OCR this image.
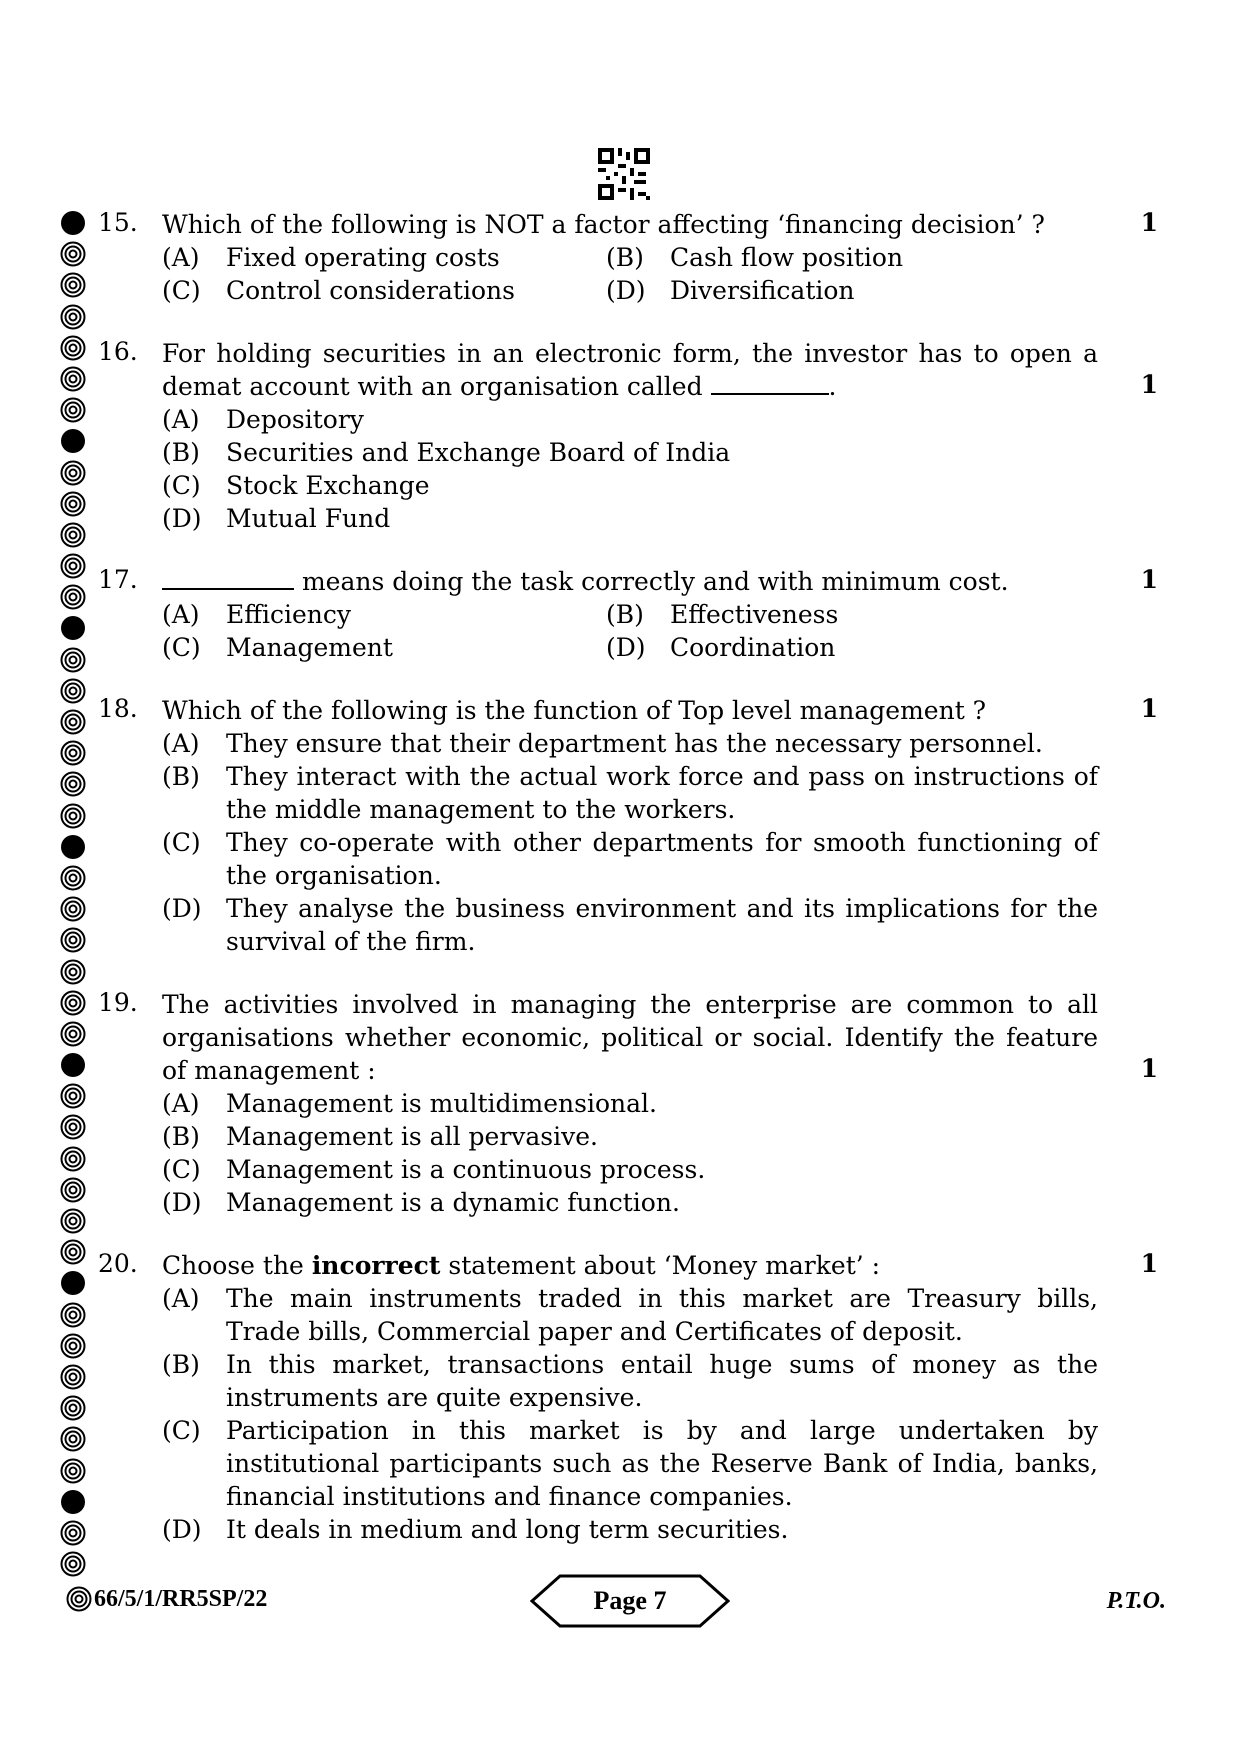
15.	1
Which of the following is NOT a factor affecting ‘financing decision’ ?
(A) Fixed operating costs	(B) Cash flow position
(C) Control considerations	(D) Diversification
16.
1
For holding securities in an electronic form, the investor has to open a demat account with an organisation called	.
(A) Depository
(B) Securities and Exchange Board of India
(C) Stock Exchange
(D) Mutual Fund
17.	1
means doing the task correctly and with minimum cost.
(A) Efficiency	(B) Effectiveness
(C) Management	(D) Coordination
18.	1
Which of the following is the function of Top level management ?
(A) They ensure that their department has the necessary personnel.
(B) They interact with the actual work force and pass on instructions of the middle management to the workers.
(C) They co-operate with other departments for smooth functioning of the organisation.
(D) They analyse the business environment and its implications for the survival of the firm.
19.
1
The activities involved in managing the enterprise are common to all organisations whether economic, political or social. Identify the feature of management :
(A) Management is multidimensional.
(B) Management is all pervasive.
(C) Management is a continuous process.
(D) Management is a dynamic function.
20.	1
Choose the incorrect statement about ‘Money market’ :
(A) The main instruments traded in this market are Treasury bills, Trade bills, Commercial paper and Certificates of deposit.
(B) In this market, transactions entail huge sums of money as the instruments are quite expensive.
(C) Participation in this market is by and large undertaken by institutional participants such as the Reserve Bank of India, banks, financial institutions and finance companies.
(D) It deals in medium and long term securities.
66/5/1/RR5SP/22	Page 7	P.T.O.
